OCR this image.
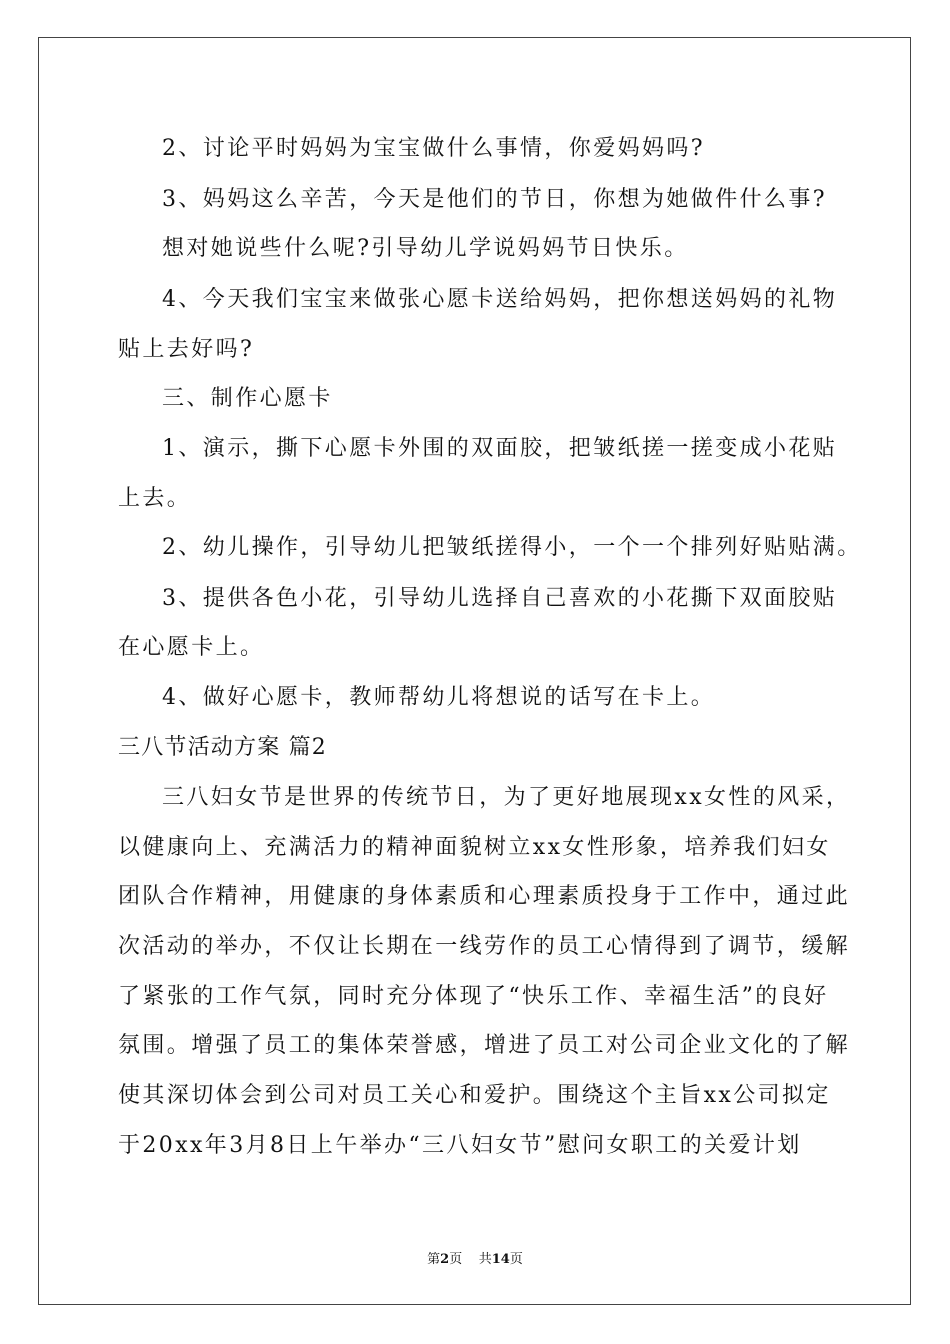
2、讨论平时妈妈为宝宝做什么事情，你爱妈妈吗?
3、妈妈这么辛苦，今天是他们的节日，你想为她做件什么事?
想对她说些什么呢?引导幼儿学说妈妈节日快乐。
4、今天我们宝宝来做张心愿卡送给妈妈，把你想送妈妈的礼物
贴上去好吗?
三、制作心愿卡
1、演示，撕下心愿卡外围的双面胶，把皱纸搓一搓变成小花贴
上去。
2、幼儿操作，引导幼儿把皱纸搓得小，一个一个排列好贴贴满。
3、提供各色小花，引导幼儿选择自己喜欢的小花撕下双面胶贴
在心愿卡上。
4、做好心愿卡，教师帮幼儿将想说的话写在卡上。
三八节活动方案 篇2
三八妇女节是世界的传统节日，为了更好地展现xx女性的风采，
以健康向上、充满活力的精神面貌树立xx女性形象，培养我们妇女
团队合作精神，用健康的身体素质和心理素质投身于工作中，通过此
次活动的举办，不仅让长期在一线劳作的员工心情得到了调节，缓解
了紧张的工作气氛，同时充分体现了“快乐工作、幸福生活”的良好
氛围。增强了员工的集体荣誉感，增进了员工对公司企业文化的了解
使其深切体会到公司对员工关心和爱护。围绕这个主旨xx公司拟定
于20xx年3月8日上午举办“三八妇女节”慰问女职工的关爱计划
第2页    共14页
